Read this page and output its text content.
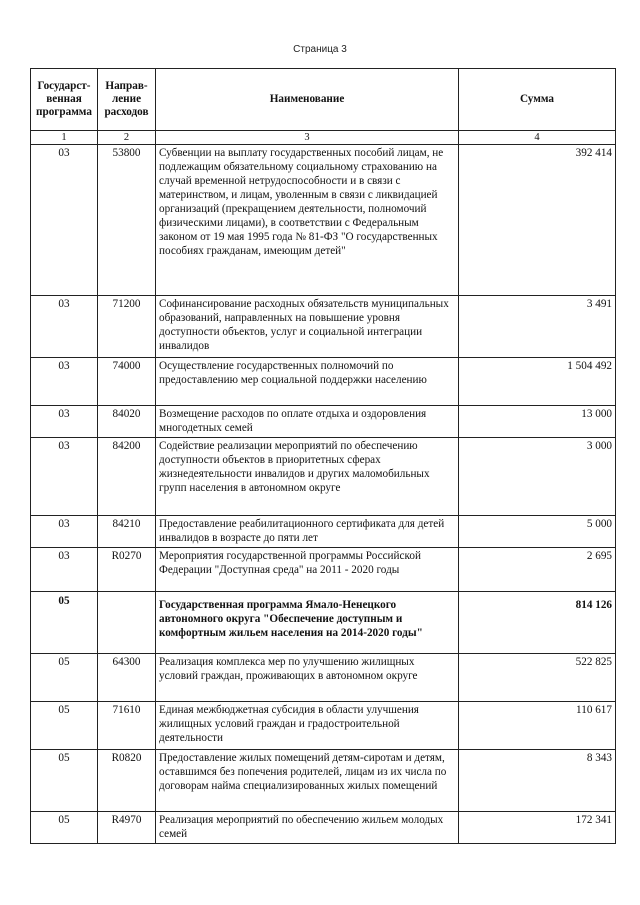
Страница 3
Государст-венная программа	Направ-ление расходов	Наименование	Сумма
1	2	3	4
03	53800	Субвенции на выплату государственных пособий лицам, не подлежащим обязательному социальному страхованию на случай временной нетрудоспособности и в связи с материнством, и лицам, уволенным в связи с ликвидацией организаций (прекращением деятельности, полномочий физическими лицами), в соответствии с Федеральным законом от 19 мая 1995 года № 81-ФЗ "О государственных пособиях гражданам, имеющим детей"	392 414
03	71200	Софинансирование расходных обязательств муниципальных образований, направленных на повышение уровня доступности объектов, услуг и социальной интеграции инвалидов	3 491
03	74000	Осуществление государственных полномочий по предоставлению мер социальной поддержки населению	1 504 492
03	84020	Возмещение расходов по оплате отдыха и оздоровления многодетных семей	13 000
03	84200	Содействие реализации мероприятий по обеспечению доступности объектов в приоритетных сферах жизнедеятельности инвалидов и других маломобильных групп населения в автономном округе	3 000
03	84210	Предоставление реабилитационного сертификата для детей инвалидов в возрасте до пяти лет	5 000
03	R0270	Мероприятия государственной программы Российской Федерации "Доступная среда" на 2011 - 2020 годы	2 695
05		Государственная программа Ямало-Ненецкого автономного округа "Обеспечение доступным и комфортным жильем населения на 2014-2020 годы"	814 126
05	64300	Реализация комплекса мер по улучшению жилищных условий граждан, проживающих в автономном округе	522 825
05	71610	Единая межбюджетная субсидия в области улучшения жилищных условий граждан и градостроительной деятельности	110 617
05	R0820	Предоставление жилых помещений детям-сиротам и детям, оставшимся без попечения родителей, лицам из их числа по договорам найма специализированных жилых помещений	8 343
05	R4970	Реализация мероприятий по обеспечению жильем молодых семей	172 341
